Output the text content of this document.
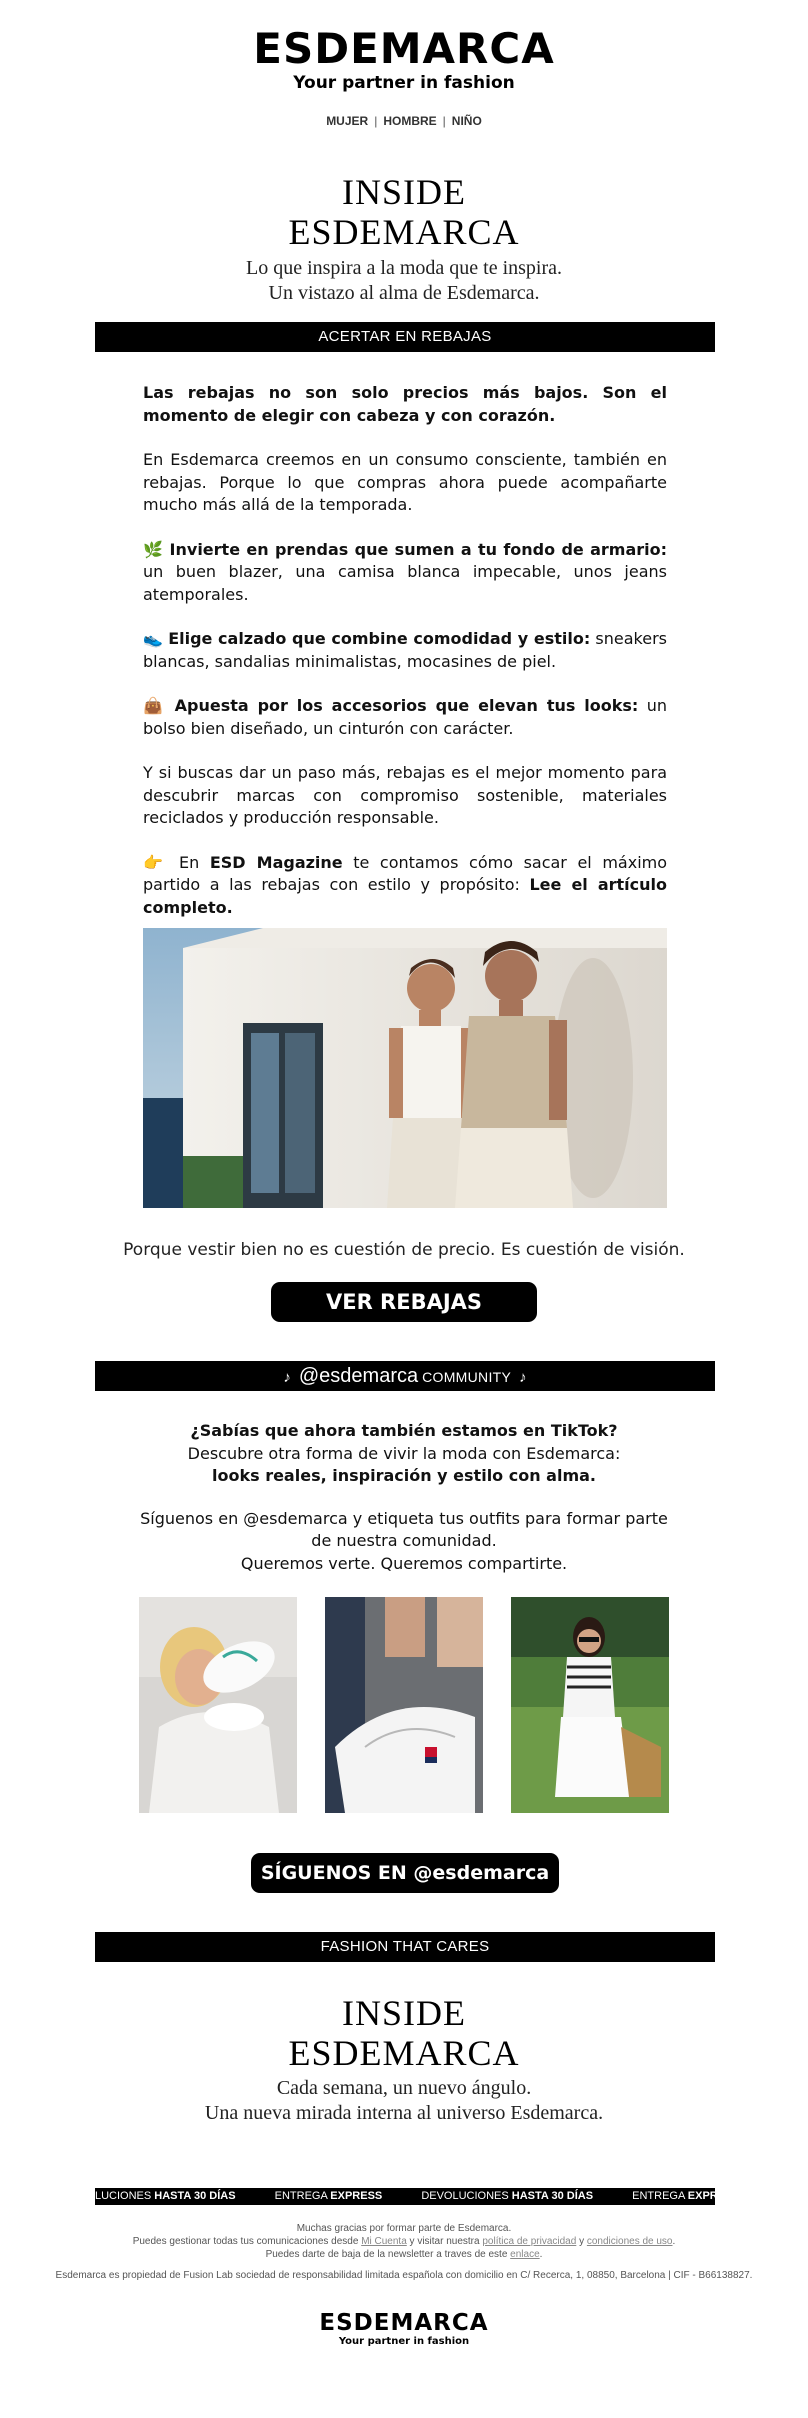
ESDEMARCA
Your partner in fashion
MUJER | HOMBRE | NIÑO
INSIDE
ESDEMARCA
Lo que inspira a la moda que te inspira.
Un vistazo al alma de Esdemarca.
ACERTAR EN REBAJAS

Las rebajas no son solo precios más bajos. Son el momento de elegir con cabeza y con corazón.

En Esdemarca creemos en un consumo consciente, también en rebajas. Porque lo que compras ahora puede acompañarte mucho más allá de la temporada.

🌿 Invierte en prendas que sumen a tu fondo de armario: un buen blazer, una camisa blanca impecable, unos jeans atemporales.

👟 Elige calzado que combine comodidad y estilo: sneakers blancas, sandalias minimalistas, mocasines de piel.

👜 Apuesta por los accesorios que elevan tus looks: un bolso bien diseñado, un cinturón con carácter.

Y si buscas dar un paso más, rebajas es el mejor momento para descubrir marcas con compromiso sostenible, materiales reciclados y producción responsable.

👉 En ESD Magazine te contamos cómo sacar el máximo partido a las rebajas con estilo y propósito: Lee el artículo completo.

Porque vestir bien no es cuestión de precio. Es cuestión de visión.
VER REBAJAS
♪ @esdemarca COMMUNITY ♪
¿Sabías que ahora también estamos en TikTok?
Descubre otra forma de vivir la moda con Esdemarca:
looks reales, inspiración y estilo con alma.
Síguenos en @esdemarca y etiqueta tus outfits para formar parte
de nuestra comunidad.
Queremos verte. Queremos compartirte.
SÍGUENOS EN @esdemarca
FASHION THAT CARES
INSIDE
ESDEMARCA
Cada semana, un nuevo ángulo.
Una nueva mirada interna al universo Esdemarca.
LUCIONES HASTA 30 DÍAS	ENTREGA EXPRESS	DEVOLUCIONES HASTA 30 DÍAS	ENTREGA EXPRESS
Muchas gracias por formar parte de Esdemarca.
Puedes gestionar todas tus comunicaciones desde Mi Cuenta y visitar nuestra política de privacidad y condiciones de uso.
Puedes darte de baja de la newsletter a traves de este enlace.
Esdemarca es propiedad de Fusion Lab sociedad de responsabilidad limitada española con domicilio en C/ Recerca, 1, 08850, Barcelona | CIF - B66138827.
ESDEMARCA
Your partner in fashion
